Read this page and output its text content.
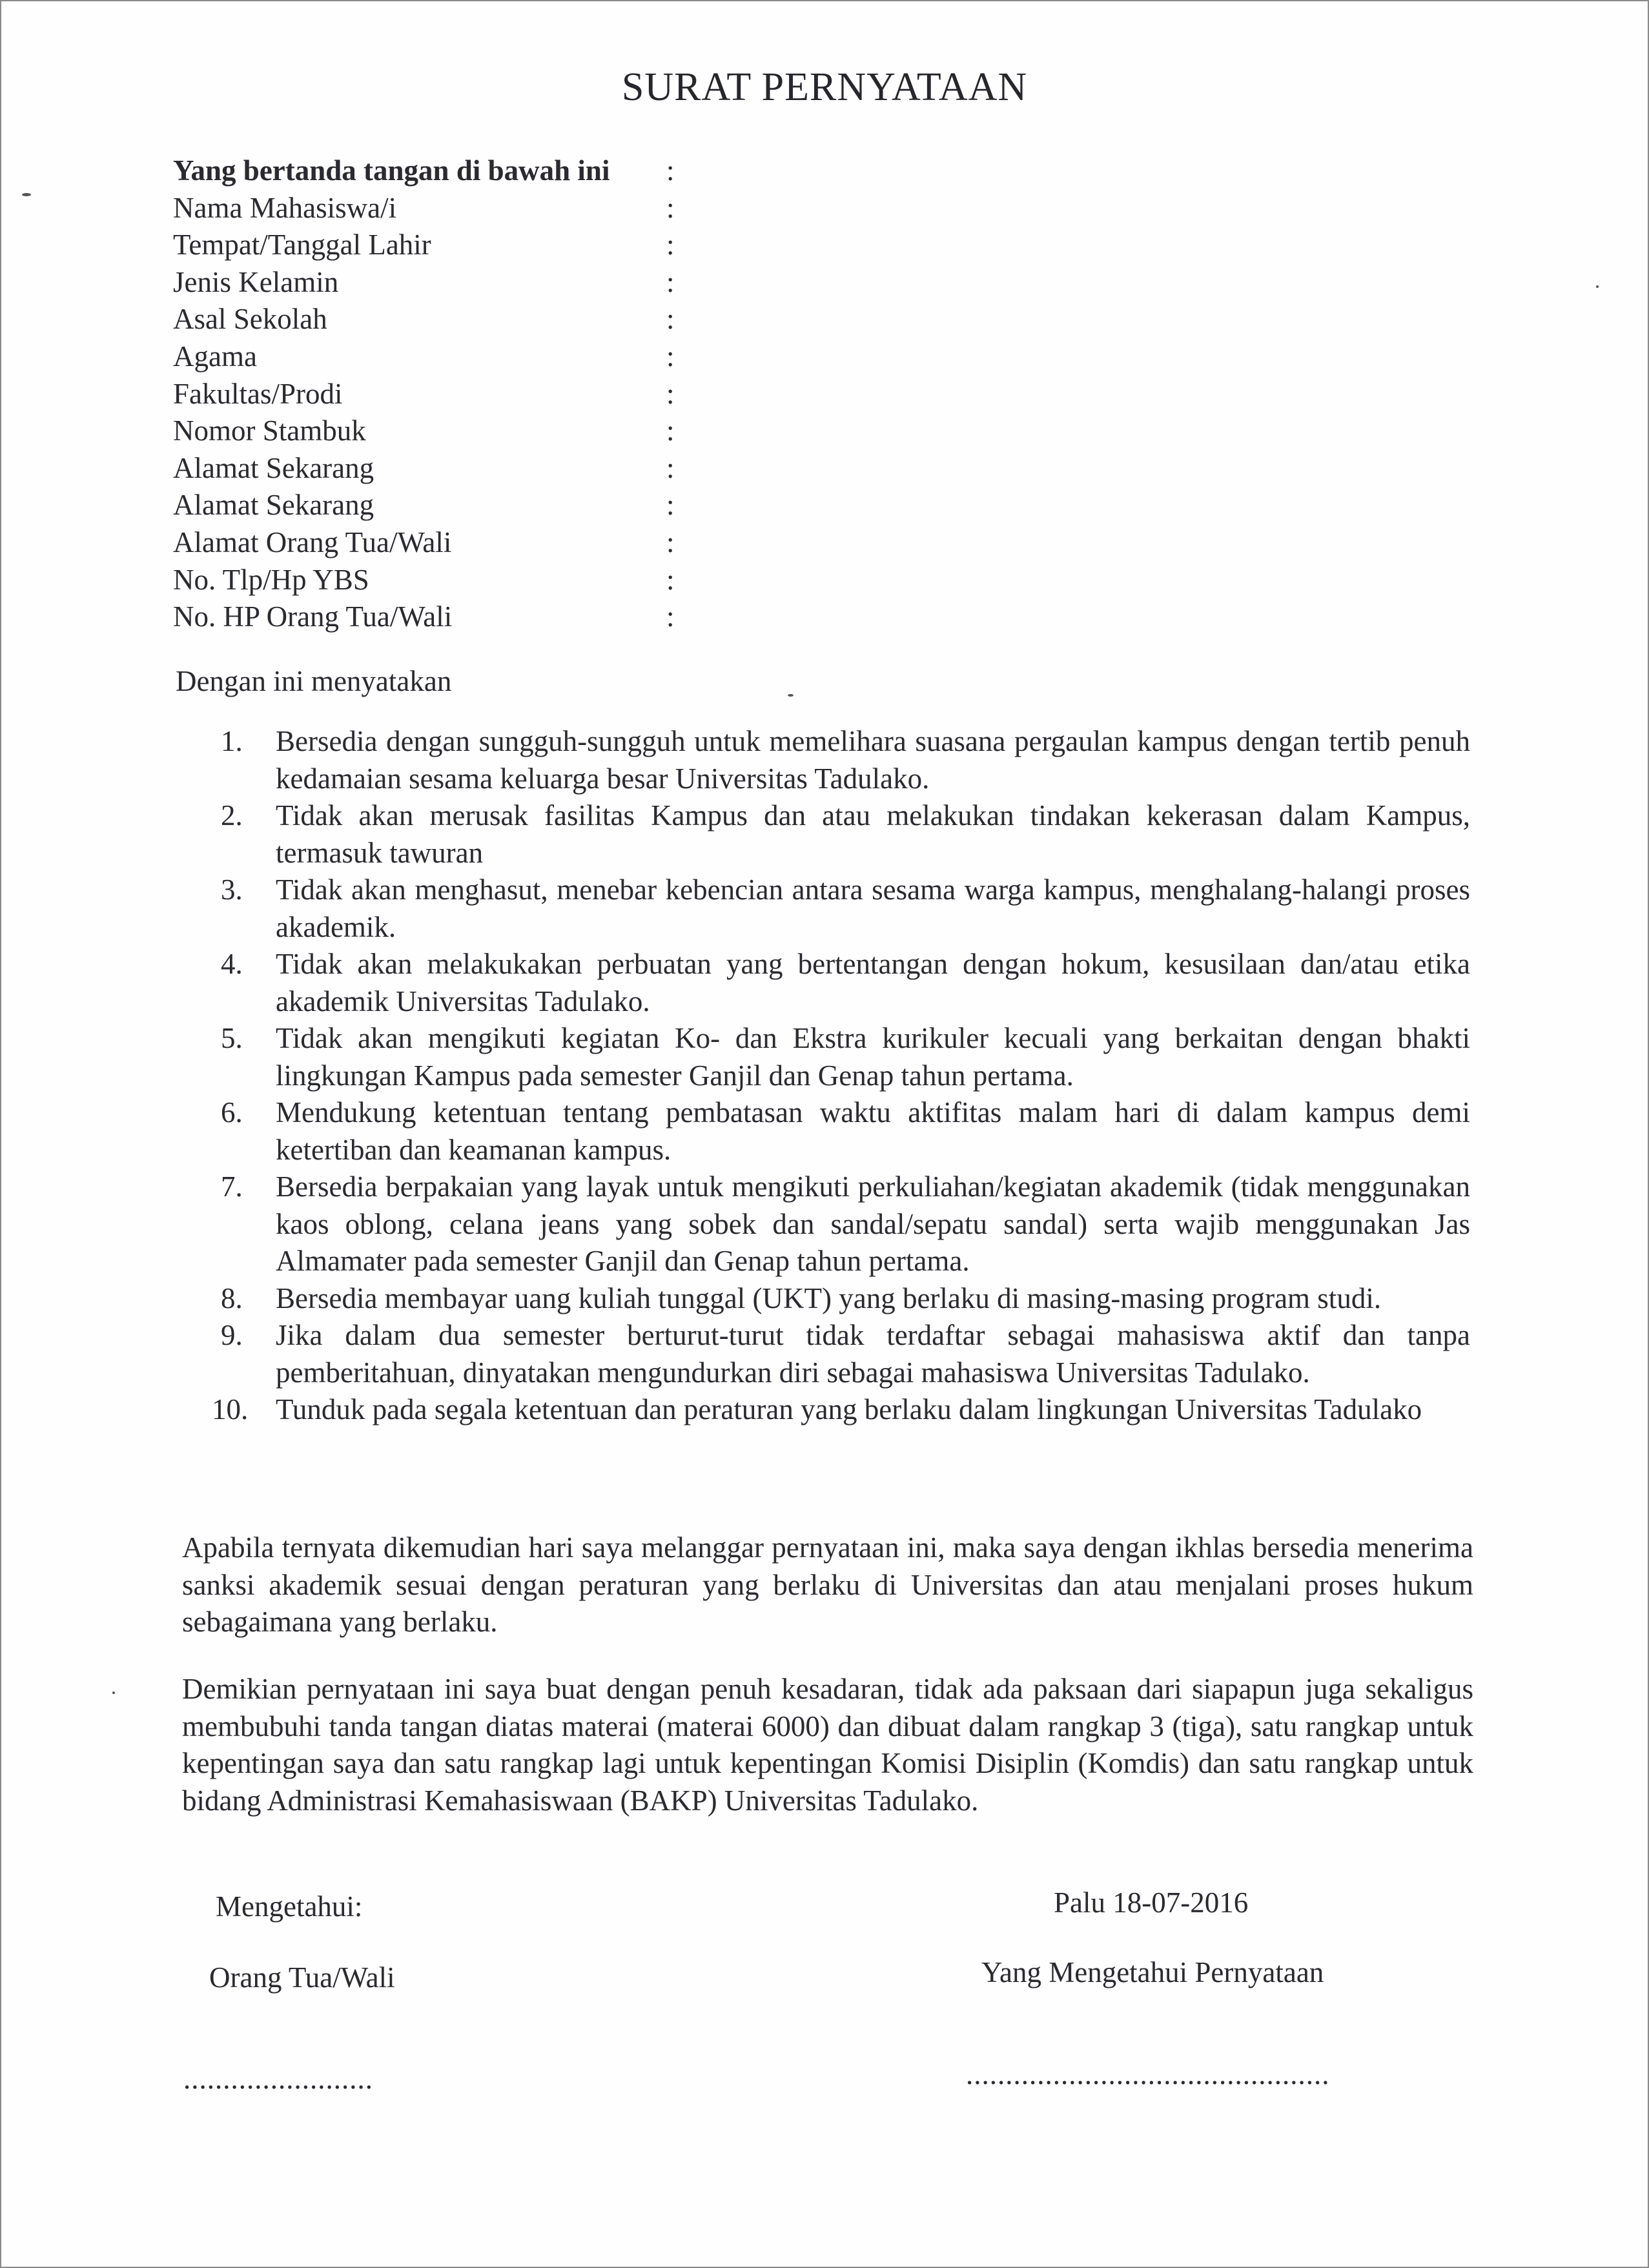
SURAT PERNYATAAN
Yang bertanda tangan di bawah ini :
Nama Mahasiswa/i	:
Tempat/Tanggal Lahir	:
Jenis Kelamin	:
Asal Sekolah	:
Agama	:
Fakultas/Prodi	:
Nomor Stambuk	:
Alamat Sekarang	:
Alamat Sekarang	:
Alamat Orang Tua/Wali	:
No. Tlp/Hp YBS	:
No. HP Orang Tua/Wali	:
Dengan ini menyatakan
1.	Bersedia dengan sungguh-sungguh untuk memelihara suasana pergaulan kampus dengan tertib penuh kedamaian sesama keluarga besar Universitas Tadulako.
2.	Tidak akan merusak fasilitas Kampus dan atau melakukan tindakan kekerasan dalam Kampus, termasuk tawuran
3.	Tidak akan menghasut, menebar kebencian antara sesama warga kampus, menghalang-halangi proses akademik.
4.	Tidak akan melakukakan perbuatan yang bertentangan dengan hokum, kesusilaan dan/atau etika akademik Universitas Tadulako.
5.	Tidak akan mengikuti kegiatan Ko- dan Ekstra kurikuler kecuali yang berkaitan dengan bhakti lingkungan Kampus pada semester Ganjil dan Genap tahun pertama.
6.	Mendukung ketentuan tentang pembatasan waktu aktifitas malam hari di dalam kampus demi ketertiban dan keamanan kampus.
7.	Bersedia berpakaian yang layak untuk mengikuti perkuliahan/kegiatan akademik (tidak menggunakan kaos oblong, celana jeans yang sobek dan sandal/sepatu sandal) serta wajib menggunakan Jas Almamater pada semester Ganjil dan Genap tahun pertama.
8.	Bersedia membayar uang kuliah tunggal (UKT) yang berlaku di masing-masing program studi.
9.	Jika dalam dua semester berturut-turut tidak terdaftar sebagai mahasiswa aktif dan tanpa pemberitahuan, dinyatakan mengundurkan diri sebagai mahasiswa Universitas Tadulako.
10. Tunduk pada segala ketentuan dan peraturan yang berlaku dalam lingkungan Universitas Tadulako
Apabila ternyata dikemudian hari saya melanggar pernyataan ini, maka saya dengan ikhlas bersedia menerima sanksi akademik sesuai dengan peraturan yang berlaku di Universitas dan atau menjalani proses hukum sebagaimana yang berlaku.
Demikian pernyataan ini saya buat dengan penuh kesadaran, tidak ada paksaan dari siapapun juga sekaligus membubuhi tanda tangan diatas materai (materai 6000) dan dibuat dalam rangkap 3 (tiga), satu rangkap untuk kepentingan saya dan satu rangkap lagi untuk kepentingan Komisi Disiplin (Komdis) dan satu rangkap untuk bidang Administrasi Kemahasiswaan (BAKP) Universitas Tadulako.
Mengetahui:
Orang Tua/Wali
........................
Palu 18-07-2016
Yang Mengetahui Pernyataan
..............................................
